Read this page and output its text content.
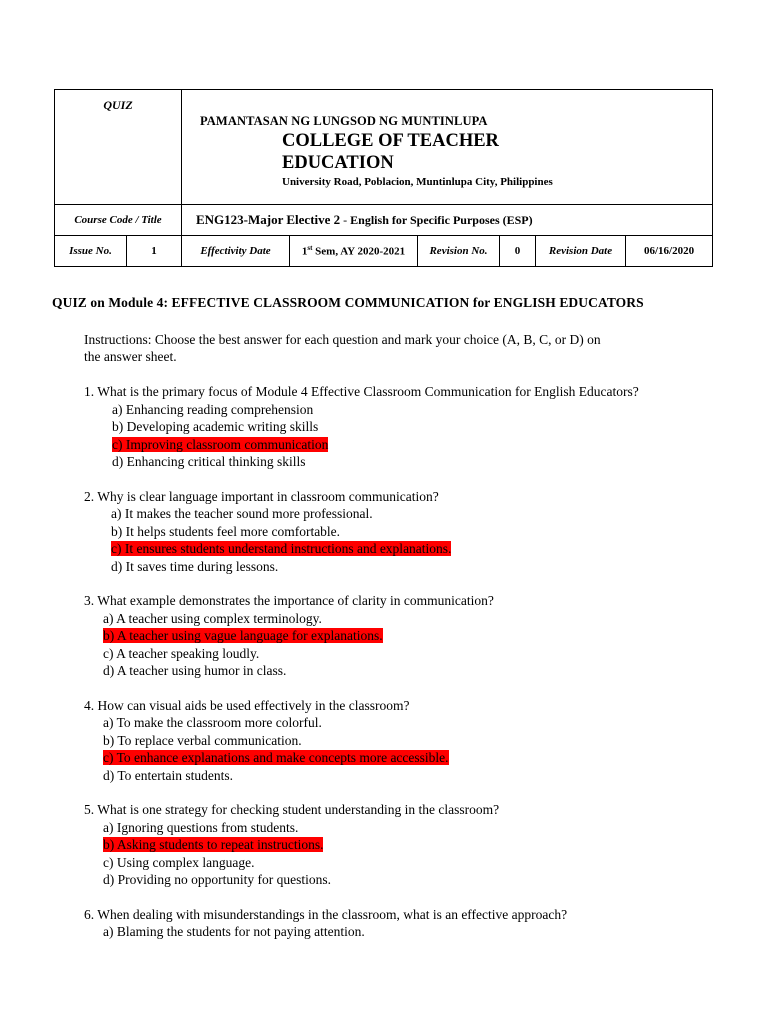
QUIZ		PAMANTASAN NG LUNGSOD NG MUNTINLUPA
COLLEGE OF TEACHER
EDUCATION
University Road, Poblacion, Muntinlupa City, Philippines					

Course Code / Title		ENG123-Major Elective 2 - English for Specific Purposes (ESP)					
Issue No.	1	Effectivity Date	1st Sem, AY 2020-2021	Revision No.	0	Revision Date	06/16/2020
QUIZ on Module 4: EFFECTIVE CLASSROOM COMMUNICATION for ENGLISH EDUCATORS
Instructions: Choose the best answer for each question and mark your choice (A, B, C, or D) on
the answer sheet.
1. What is the primary focus of Module 4 Effective Classroom Communication for English Educators?
a) Enhancing reading comprehension
b) Developing academic writing skills
c) Improving classroom communication
d) Enhancing critical thinking skills
2. Why is clear language important in classroom communication?
a) It makes the teacher sound more professional.
b) It helps students feel more comfortable.
c) It ensures students understand instructions and explanations.
d) It saves time during lessons.
3. What example demonstrates the importance of clarity in communication?
a) A teacher using complex terminology.
b) A teacher using vague language for explanations.
c) A teacher speaking loudly.
d) A teacher using humor in class.
4. How can visual aids be used effectively in the classroom?
a) To make the classroom more colorful.
b) To replace verbal communication.
c) To enhance explanations and make concepts more accessible.
d) To entertain students.
5. What is one strategy for checking student understanding in the classroom?
a) Ignoring questions from students.
b) Asking students to repeat instructions.
c) Using complex language.
d) Providing no opportunity for questions.
6. When dealing with misunderstandings in the classroom, what is an effective approach?
a) Blaming the students for not paying attention.
